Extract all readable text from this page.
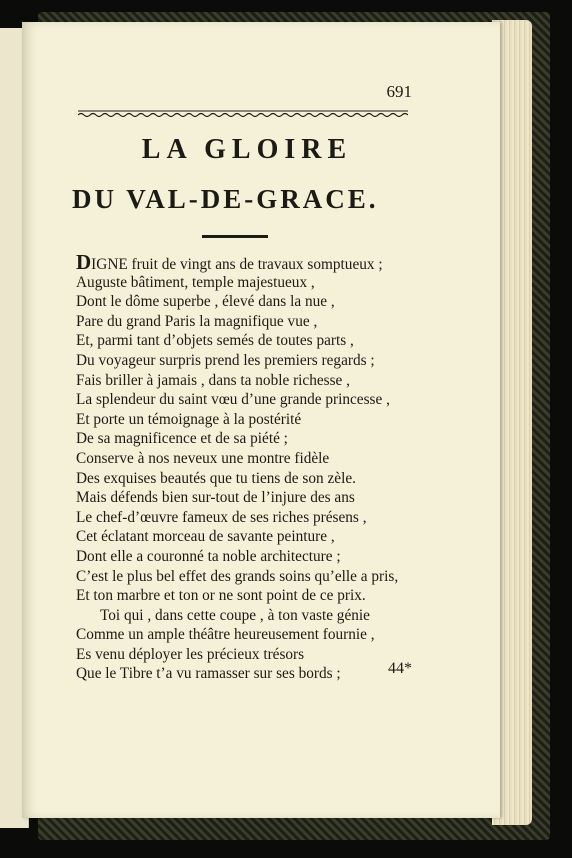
691
LA GLOIRE
DU VAL-DE-GRACE.
DIGNE fruit de vingt ans de travaux somptueux ;
Auguste bâtiment, temple majestueux ,
Dont le dôme superbe , élevé dans la nue ,
Pare du grand Paris la magnifique vue ,
Et, parmi tant d’objets semés de toutes parts ,
Du voyageur surpris prend les premiers regards ;
Fais briller à jamais , dans ta noble richesse ,
La splendeur du saint vœu d’une grande princesse ,
Et porte un témoignage à la postérité
De sa magnificence et de sa piété ;
Conserve à nos neveux une montre fidèle
Des exquises beautés que tu tiens de son zèle.
Mais défends bien sur-tout de l’injure des ans
Le chef-d’œuvre fameux de ses riches présens ,
Cet éclatant morceau de savante peinture ,
Dont elle a couronné ta noble architecture ;
C’est le plus bel effet des grands soins qu’elle a pris,
Et ton marbre et ton or ne sont point de ce prix.
Toi qui , dans cette coupe , à ton vaste génie
Comme un ample théâtre heureusement fournie ,
Es venu déployer les précieux trésors
Que le Tibre t’a vu ramasser sur ses bords ;	44*
